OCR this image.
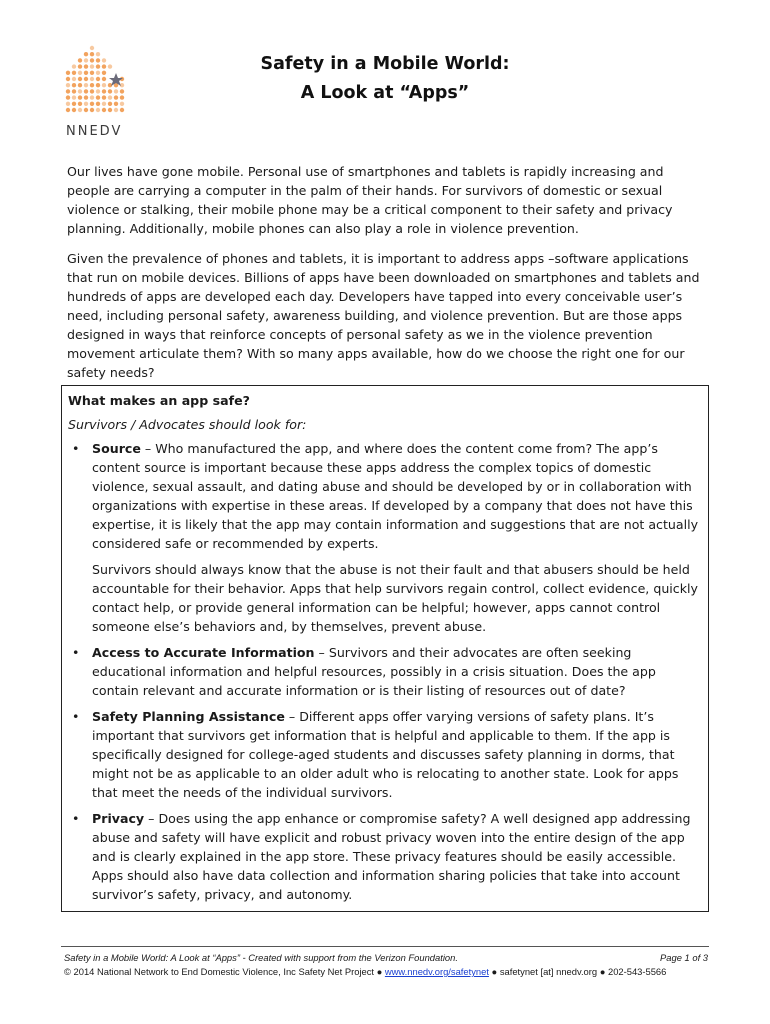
NNEDV
Safety in a Mobile World:
A Look at “Apps”

Our lives have gone mobile. Personal use of smartphones and tablets is rapidly increasing and people are carrying a computer in the palm of their hands. For survivors of domestic or sexual violence or stalking, their mobile phone may be a critical component to their safety and privacy planning. Additionally, mobile phones can also play a role in violence prevention.

Given the prevalence of phones and tablets, it is important to address apps –software applications that run on mobile devices. Billions of apps have been downloaded on smartphones and tablets and hundreds of apps are developed each day. Developers have tapped into every conceivable user’s need, including personal safety, awareness building, and violence prevention. But are those apps designed in ways that reinforce concepts of personal safety as we in the violence prevention movement articulate them? With so many apps available, how do we choose the right one for our safety needs?

What makes an app safe?
Survivors / Advocates should look for:
• Source – Who manufactured the app, and where does the content come from? The app’s content source is important because these apps address the complex topics of domestic violence, sexual assault, and dating abuse and should be developed by or in collaboration with organizations with expertise in these areas. If developed by a company that does not have this expertise, it is likely that the app may contain information and suggestions that are not actually considered safe or recommended by experts.

Survivors should always know that the abuse is not their fault and that abusers should be held accountable for their behavior. Apps that help survivors regain control, collect evidence, quickly contact help, or provide general information can be helpful; however, apps cannot control someone else’s behaviors and, by themselves, prevent abuse.

• Access to Accurate Information – Survivors and their advocates are often seeking educational information and helpful resources, possibly in a crisis situation. Does the app contain relevant and accurate information or is their listing of resources out of date?

• Safety Planning Assistance – Different apps offer varying versions of safety plans. It’s important that survivors get information that is helpful and applicable to them. If the app is specifically designed for college-aged students and discusses safety planning in dorms, that might not be as applicable to an older adult who is relocating to another state. Look for apps that meet the needs of the individual survivors.

• Privacy – Does using the app enhance or compromise safety? A well designed app addressing abuse and safety will have explicit and robust privacy woven into the entire design of the app and is clearly explained in the app store. These privacy features should be easily accessible. Apps should also have data collection and information sharing policies that take into account survivor’s safety, privacy, and autonomy.

Safety in a Mobile World: A Look at “Apps” - Created with support from the Verizon Foundation.	Page 1 of 3
© 2014 National Network to End Domestic Violence, Inc Safety Net Project ● www.nnedv.org/safetynet ● safetynet [at] nnedv.org ● 202-543-5566
